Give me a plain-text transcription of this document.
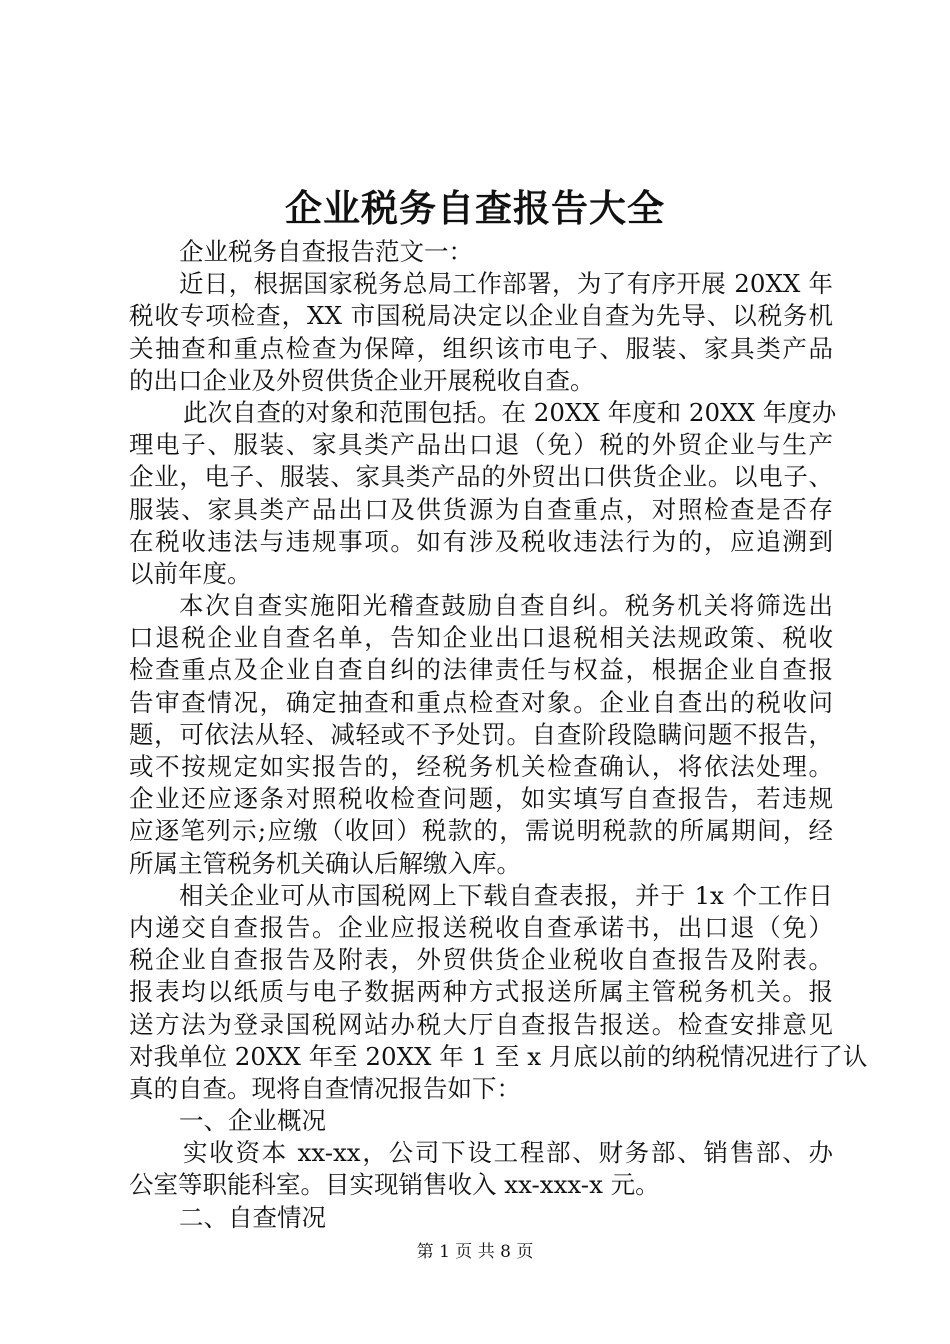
企业税务自查报告大全
企业税务自查报告范文一：
近日，根据国家税务总局工作部署，为了有序开展 20XX 年
税收专项检查，XX 市国税局决定以企业自查为先导、以税务机
关抽查和重点检查为保障，组织该市电子、服装、家具类产品
的出口企业及外贸供货企业开展税收自查。
此次自查的对象和范围包括。在 20XX 年度和 20XX 年度办
理电子、服装、家具类产品出口退（免）税的外贸企业与生产
企业，电子、服装、家具类产品的外贸出口供货企业。以电子、
服装、家具类产品出口及供货源为自查重点，对照检查是否存
在税收违法与违规事项。如有涉及税收违法行为的，应追溯到
以前年度。
本次自查实施阳光稽查鼓励自查自纠。税务机关将筛选出
口退税企业自查名单，告知企业出口退税相关法规政策、税收
检查重点及企业自查自纠的法律责任与权益，根据企业自查报
告审查情况，确定抽查和重点检查对象。企业自查出的税收问
题，可依法从轻、减轻或不予处罚。自查阶段隐瞒问题不报告，
或不按规定如实报告的，经税务机关检查确认，将依法处理。
企业还应逐条对照税收检查问题，如实填写自查报告，若违规
应逐笔列示;应缴（收回）税款的，需说明税款的所属期间，经
所属主管税务机关确认后解缴入库。
相关企业可从市国税网上下载自查表报，并于 1x 个工作日
内递交自查报告。企业应报送税收自查承诺书，出口退（免）
税企业自查报告及附表，外贸供货企业税收自查报告及附表。
报表均以纸质与电子数据两种方式报送所属主管税务机关。报
送方法为登录国税网站办税大厅自查报告报送。检查安排意见
对我单位 20XX 年至 20XX 年 1 至 x 月底以前的纳税情况进行了认
真的自查。现将自查情况报告如下：
一、企业概况
实收资本 xx-xx，公司下设工程部、财务部、销售部、办
公室等职能科室。目实现销售收入 xx-xxx-x 元。
二、自查情况
第 1 页 共 8 页
